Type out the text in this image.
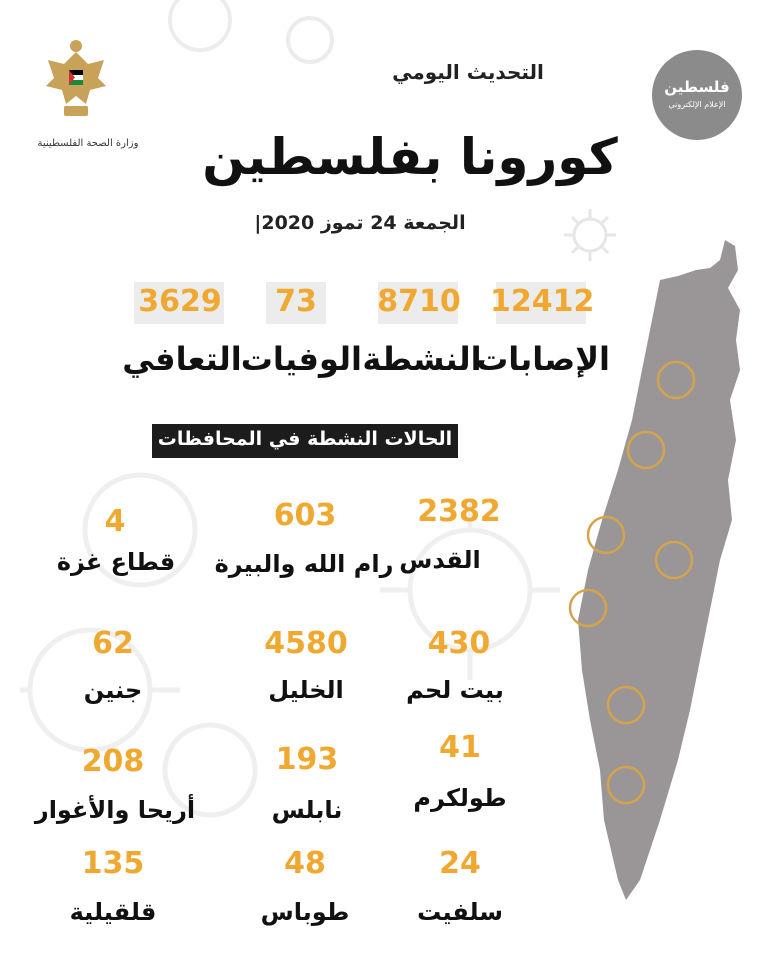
وزارة الصحة الفلسطينية
فلسطين
الإعلام الإلكتروني
التحديث اليومي
كورونا بفلسطين
الجمعة 24 تموز 2020|
12412
8710
73
3629
الإصابات
النشطة
الوفيات
التعافي
الحالات النشطة في المحافظات
2382
القدس
603
رام الله والبيرة
4
قطاع غزة
430
بيت لحم
4580
الخليل
62
جنين
41
طولكرم
193
نابلس
208
أريحا والأغوار
24
سلفيت
48
طوباس
135
قلقيلية
